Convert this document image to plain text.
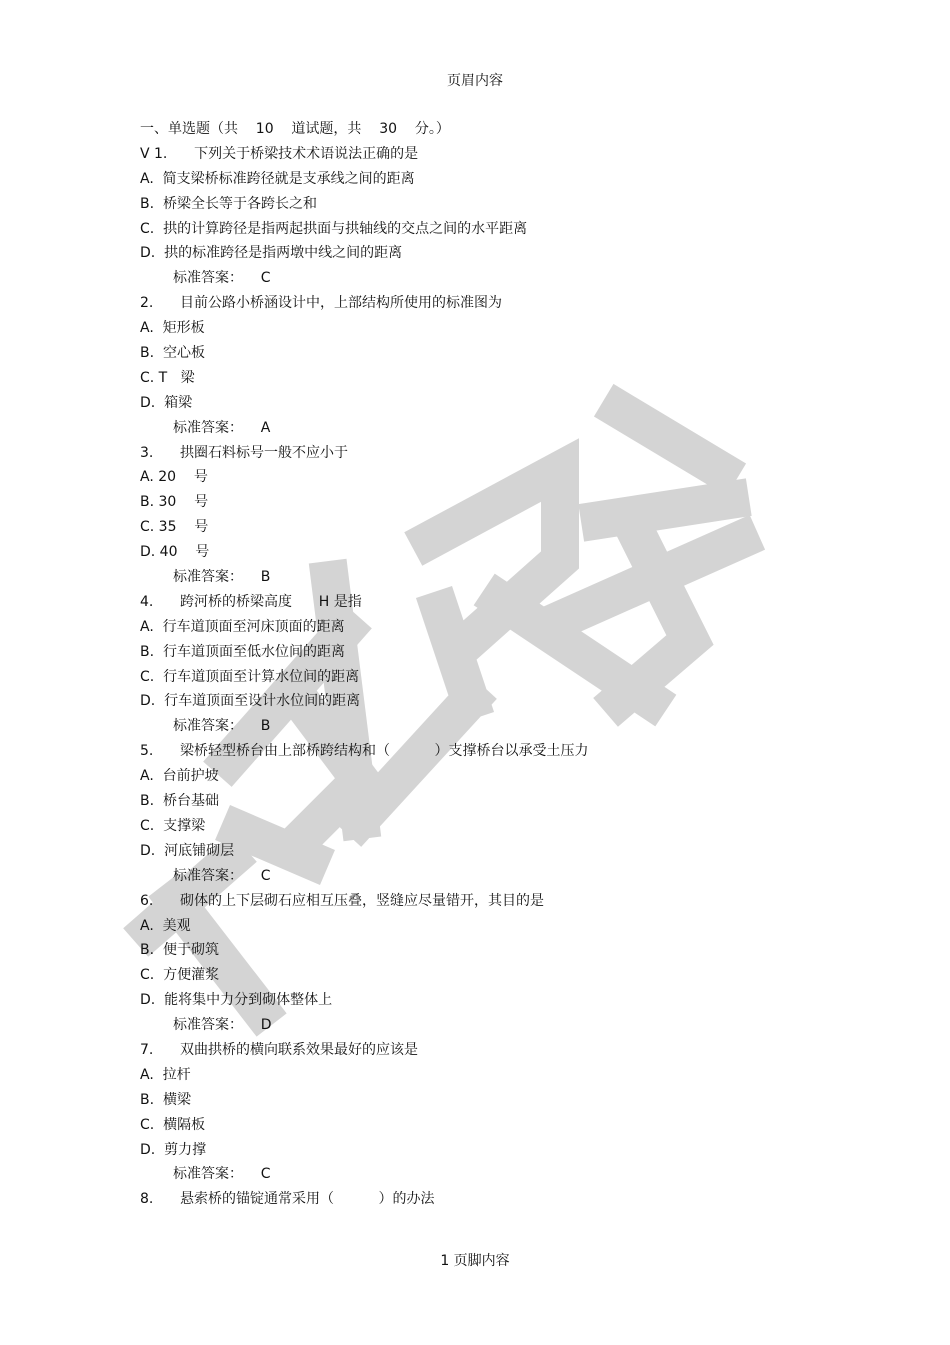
页眉内容
一、单选题（共    10    道试题，共    30    分。）
V 1.      下列关于桥梁技术术语说法正确的是
A.  简支梁桥标准跨径就是支承线之间的距离
B.  桥梁全长等于各跨长之和
C.  拱的计算跨径是指两起拱面与拱轴线的交点之间的水平距离
D.  拱的标准跨径是指两墩中线之间的距离
标准答案：    C
2.      目前公路小桥涵设计中，上部结构所使用的标准图为
A.  矩形板
B.  空心板
C. T   梁
D.  箱梁
标准答案：    A
3.      拱圈石料标号一般不应小于
A. 20    号
B. 30    号
C. 35    号
D. 40    号
标准答案：    B
4.      跨河桥的桥梁高度      H 是指
A.  行车道顶面至河床顶面的距离
B.  行车道顶面至低水位间的距离
C.  行车道顶面至计算水位间的距离
D.  行车道顶面至设计水位间的距离
标准答案：    B
5.      梁桥轻型桥台由上部桥跨结构和（          ）支撑桥台以承受土压力
A.  台前护坡
B.  桥台基础
C.  支撑梁
D.  河底铺砌层
标准答案：    C
6.      砌体的上下层砌石应相互压叠，竖缝应尽量错开，其目的是
A.  美观
B.  便于砌筑
C.  方便灌浆
D.  能将集中力分到砌体整体上
标准答案：    D
7.      双曲拱桥的横向联系效果最好的应该是
A.  拉杆
B.  横梁
C.  横隔板
D.  剪力撑
标准答案：    C
8.      悬索桥的锚锭通常采用（          ）的办法
1 页脚内容
